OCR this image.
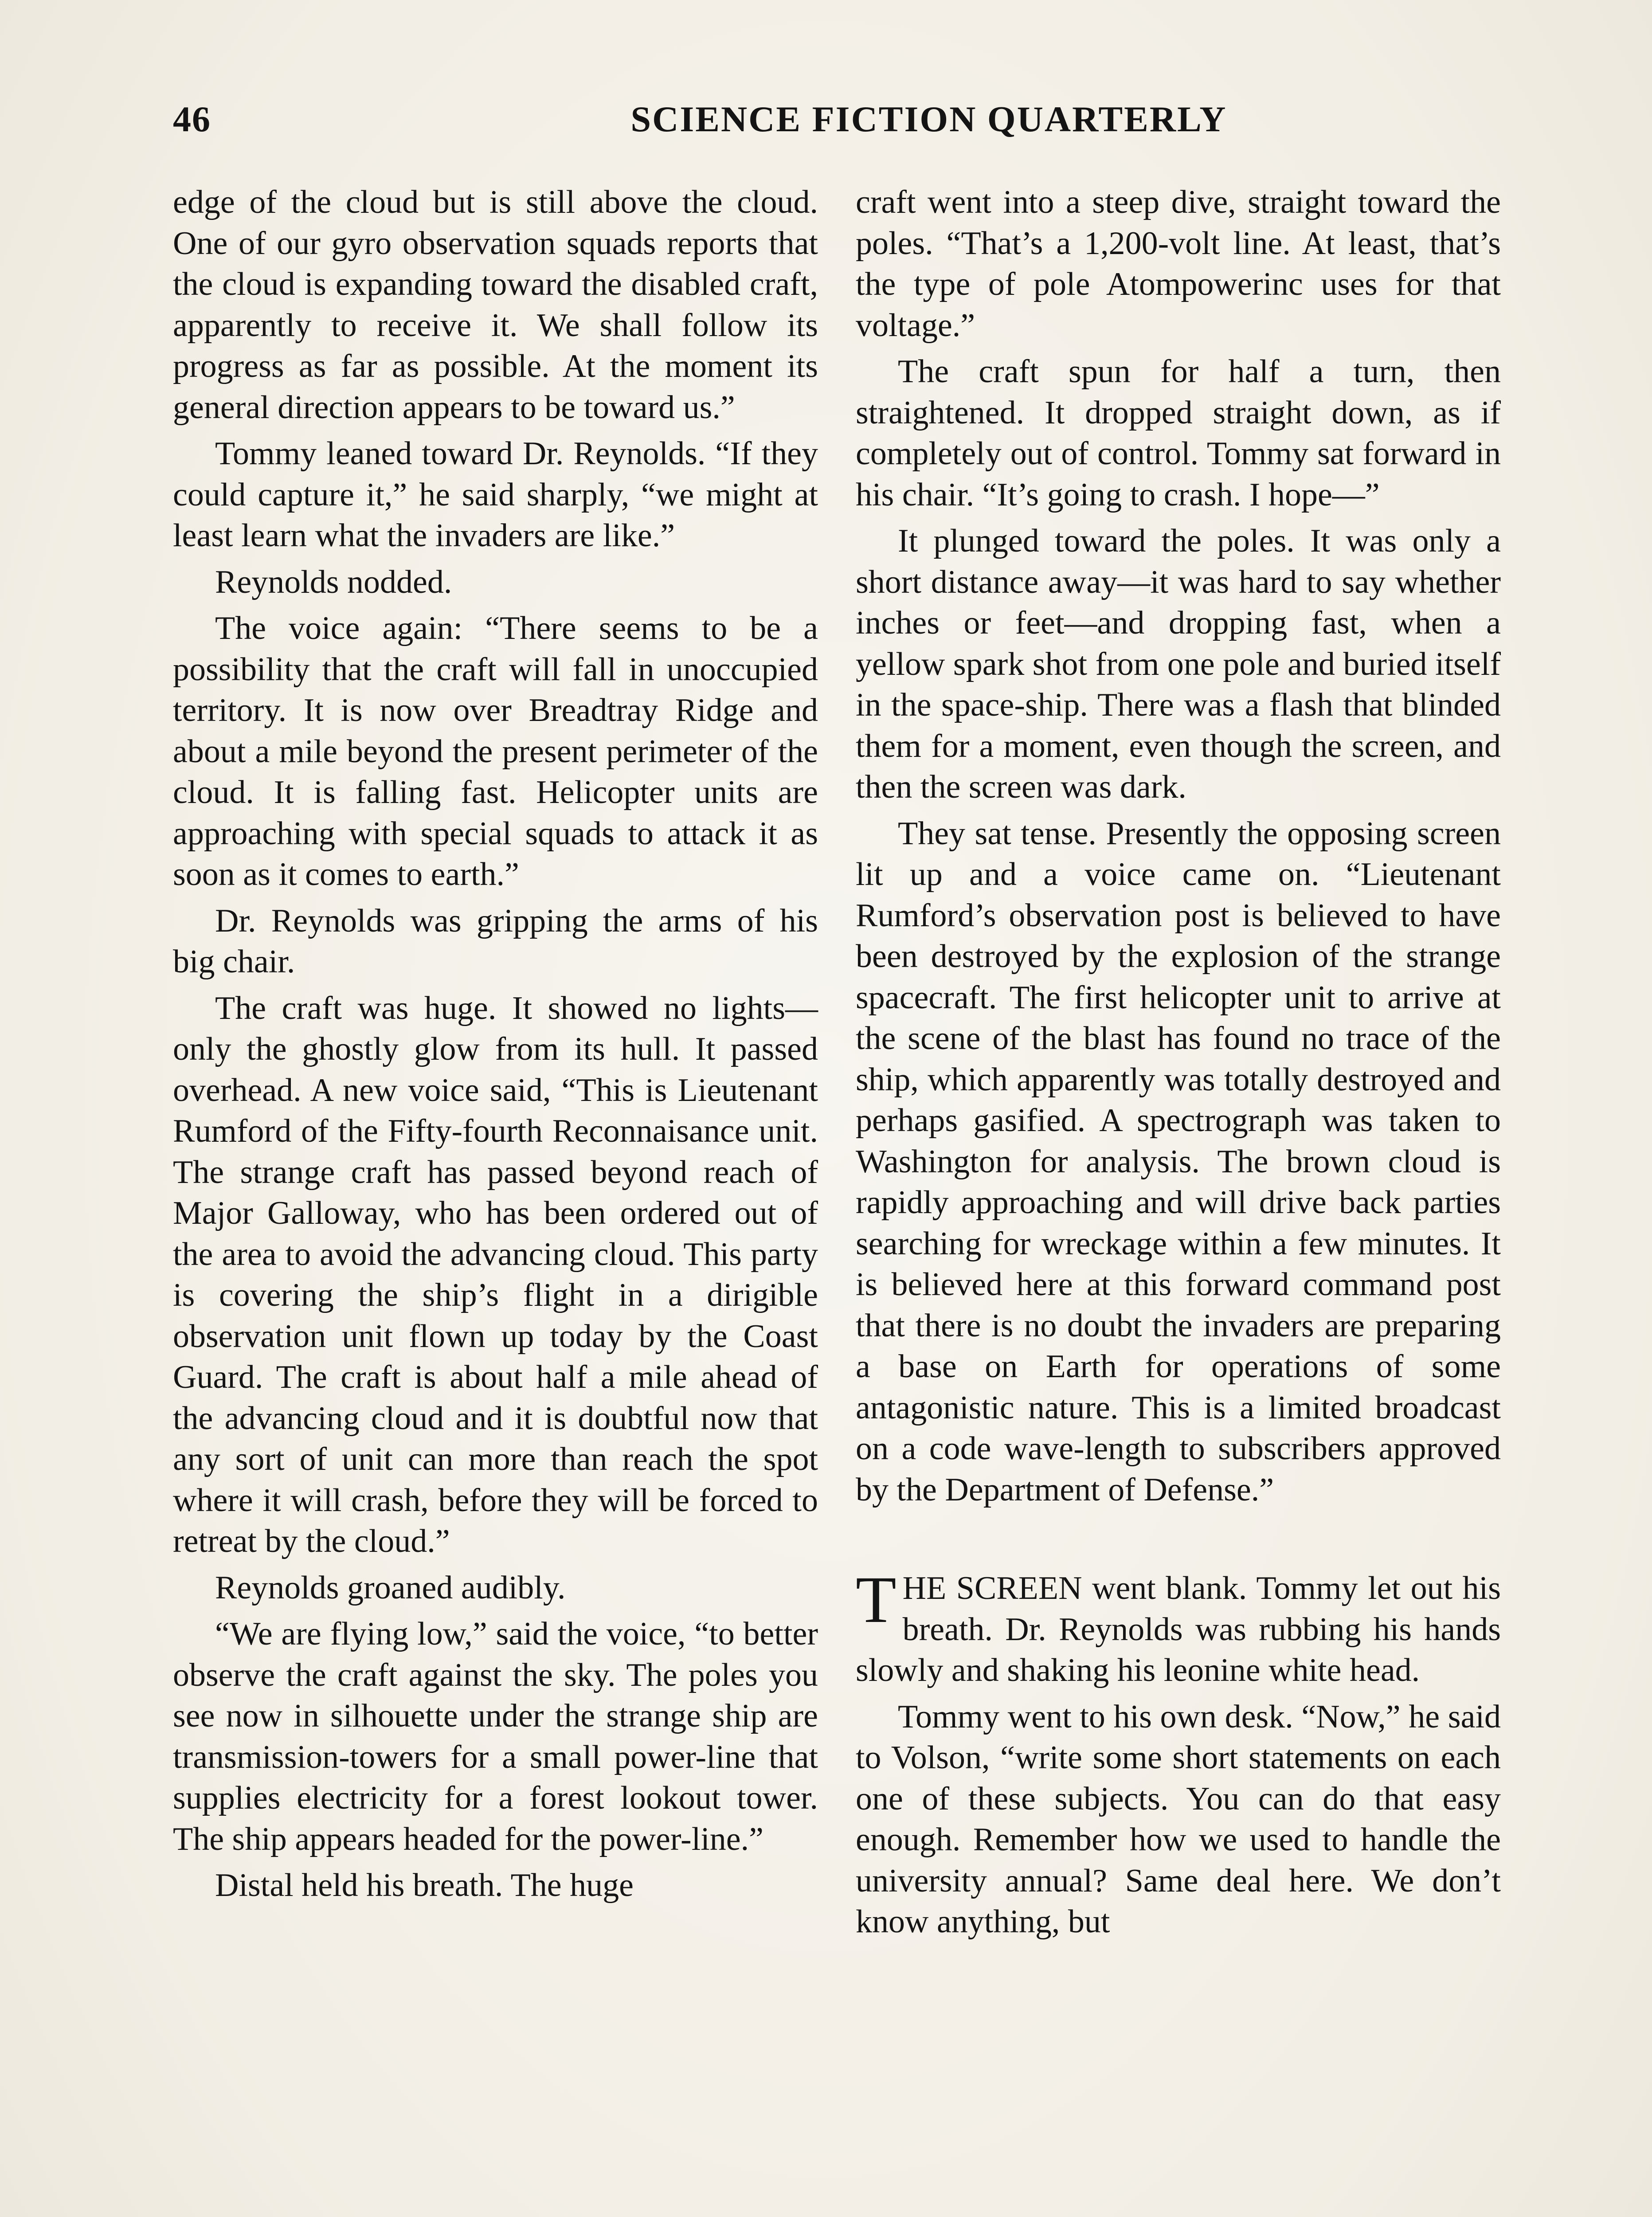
46	SCIENCE FICTION QUARTERLY

edge of the cloud but is still above the cloud. One of our gyro observation squads reports that the cloud is expanding toward the disabled craft, apparently to receive it. We shall follow its progress as far as possible. At the moment its general direction appears to be toward us.”

Tommy leaned toward Dr. Reynolds. “If they could capture it,” he said sharply, “we might at least learn what the invaders are like.”

Reynolds nodded.

The voice again: “There seems to be a possibility that the craft will fall in unoccupied territory. It is now over Breadtray Ridge and about a mile beyond the present perimeter of the cloud. It is falling fast. Helicopter units are approaching with special squads to attack it as soon as it comes to earth.”

Dr. Reynolds was gripping the arms of his big chair.

The craft was huge. It showed no lights—only the ghostly glow from its hull. It passed overhead. A new voice said, “This is Lieutenant Rumford of the Fifty-fourth Reconnaisance unit. The strange craft has passed beyond reach of Major Galloway, who has been ordered out of the area to avoid the advancing cloud. This party is covering the ship’s flight in a dirigible observation unit flown up today by the Coast Guard. The craft is about half a mile ahead of the advancing cloud and it is doubtful now that any sort of unit can more than reach the spot where it will crash, before they will be forced to retreat by the cloud.”

Reynolds groaned audibly.

“We are flying low,” said the voice, “to better observe the craft against the sky. The poles you see now in silhouette under the strange ship are transmission-towers for a small power-line that supplies electricity for a forest lookout tower. The ship appears headed for the power-line.”

Distal held his breath. The huge

craft went into a steep dive, straight toward the poles. “That’s a 1,200-volt line. At least, that’s the type of pole Atompowerinc uses for that voltage.”

The craft spun for half a turn, then straightened. It dropped straight down, as if completely out of control. Tommy sat forward in his chair. “It’s going to crash. I hope—”

It plunged toward the poles. It was only a short distance away—it was hard to say whether inches or feet—and dropping fast, when a yellow spark shot from one pole and buried itself in the space-ship. There was a flash that blinded them for a moment, even though the screen, and then the screen was dark.

They sat tense. Presently the opposing screen lit up and a voice came on. “Lieutenant Rumford’s observation post is believed to have been destroyed by the explosion of the strange spacecraft. The first helicopter unit to arrive at the scene of the blast has found no trace of the ship, which apparently was totally destroyed and perhaps gasified. A spectrograph was taken to Washington for analysis. The brown cloud is rapidly approaching and will drive back parties searching for wreckage within a few minutes. It is believed here at this forward command post that there is no doubt the invaders are preparing a base on Earth for operations of some antagonistic nature. This is a limited broadcast on a code wave-length to subscribers approved by the Department of Defense.”

THE SCREEN went blank. Tommy let out his breath. Dr. Reynolds was rubbing his hands slowly and shaking his leonine white head.

Tommy went to his own desk. “Now,” he said to Volson, “write some short statements on each one of these subjects. You can do that easy enough. Remember how we used to handle the university annual? Same deal here. We don’t know anything, but
